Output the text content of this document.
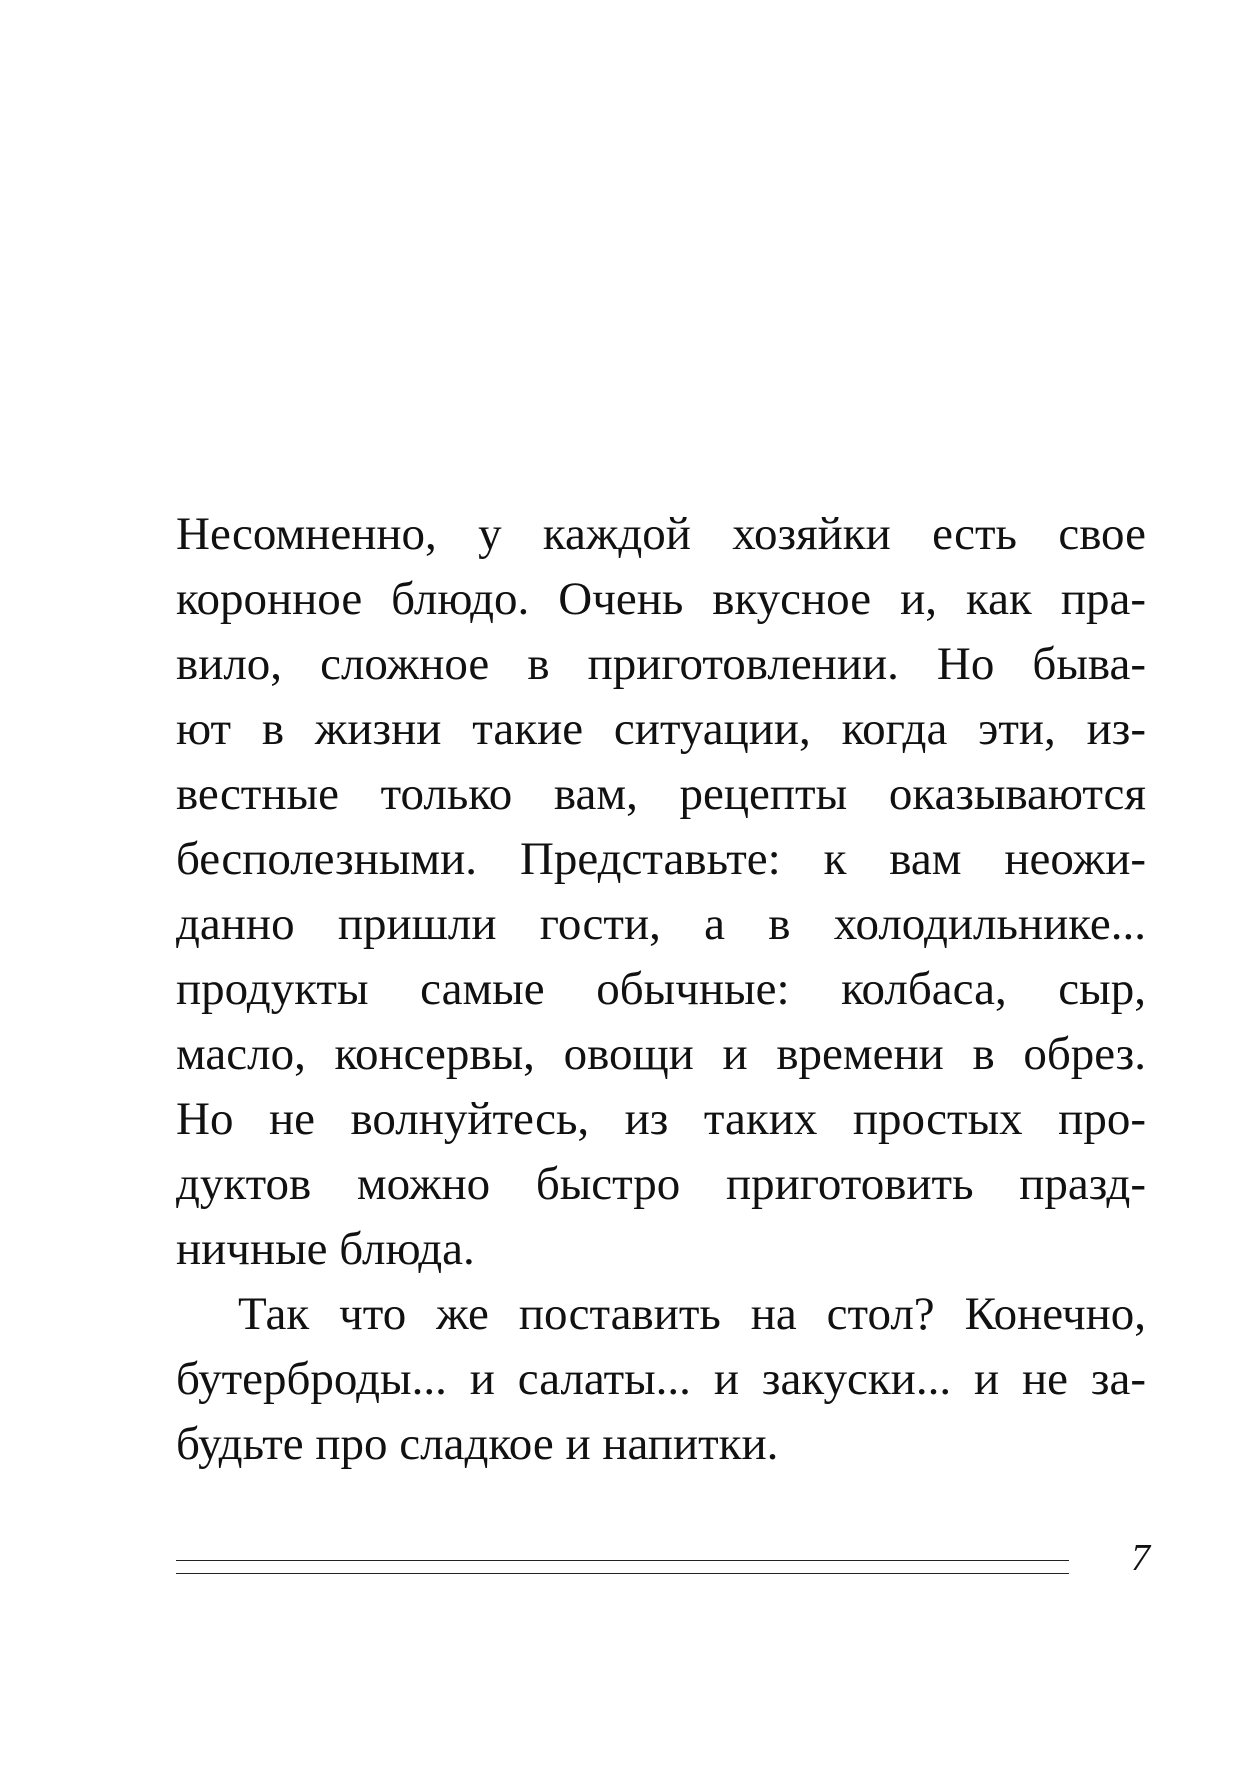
Несомненно, у каждой хозяйки есть свое
коронное блюдо. Очень вкусное и, как пра-
вило, сложное в приготовлении. Но быва-
ют в жизни такие ситуации, когда эти, из-
вестные только вам, рецепты оказываются
бесполезными. Представьте: к вам неожи-
данно пришли гости, а в холодильнике...
продукты самые обычные: колбаса, сыр,
масло, консервы, овощи и времени в обрез.
Но не волнуйтесь, из таких простых про-
дуктов можно быстро приготовить празд-
ничные блюда.

Так что же поставить на стол? Конечно,
бутерброды... и салаты... и закуски... и не за-
будьте про сладкое и напитки.

7
